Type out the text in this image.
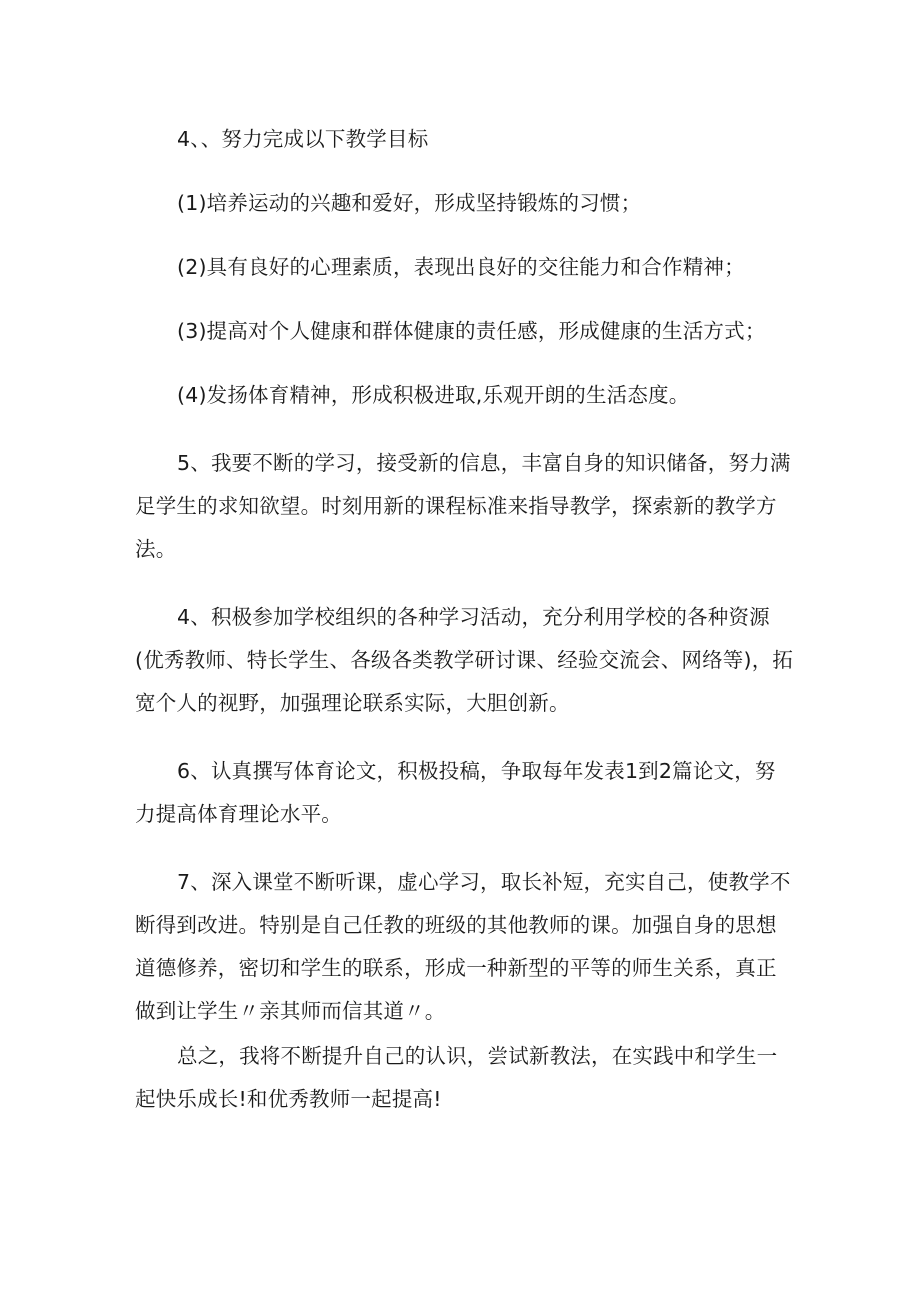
4、、努力完成以下教学目标

(1)培养运动的兴趣和爱好，形成坚持锻炼的习惯；

(2)具有良好的心理素质，表现出良好的交往能力和合作精神；

(3)提高对个人健康和群体健康的责任感，形成健康的生活方式；

(4)发扬体育精神，形成积极进取,乐观开朗的生活态度。

5、我要不断的学习，接受新的信息，丰富自身的知识储备，努力满足学生的求知欲望。时刻用新的课程标准来指导教学，探索新的教学方法。

4、积极参加学校组织的各种学习活动，充分利用学校的各种资源(优秀教师、特长学生、各级各类教学研讨课、经验交流会、网络等)，拓宽个人的视野，加强理论联系实际，大胆创新。

6、认真撰写体育论文，积极投稿，争取每年发表1到2篇论文，努力提高体育理论水平。

7、深入课堂不断听课，虚心学习，取长补短，充实自己，使教学不断得到改进。特别是自己任教的班级的其他教师的课。加强自身的思想道德修养，密切和学生的联系，形成一种新型的平等的师生关系，真正做到让学生〃亲其师而信其道〃。

总之，我将不断提升自己的认识，尝试新教法，在实践中和学生一起快乐成长!和优秀教师一起提高!
